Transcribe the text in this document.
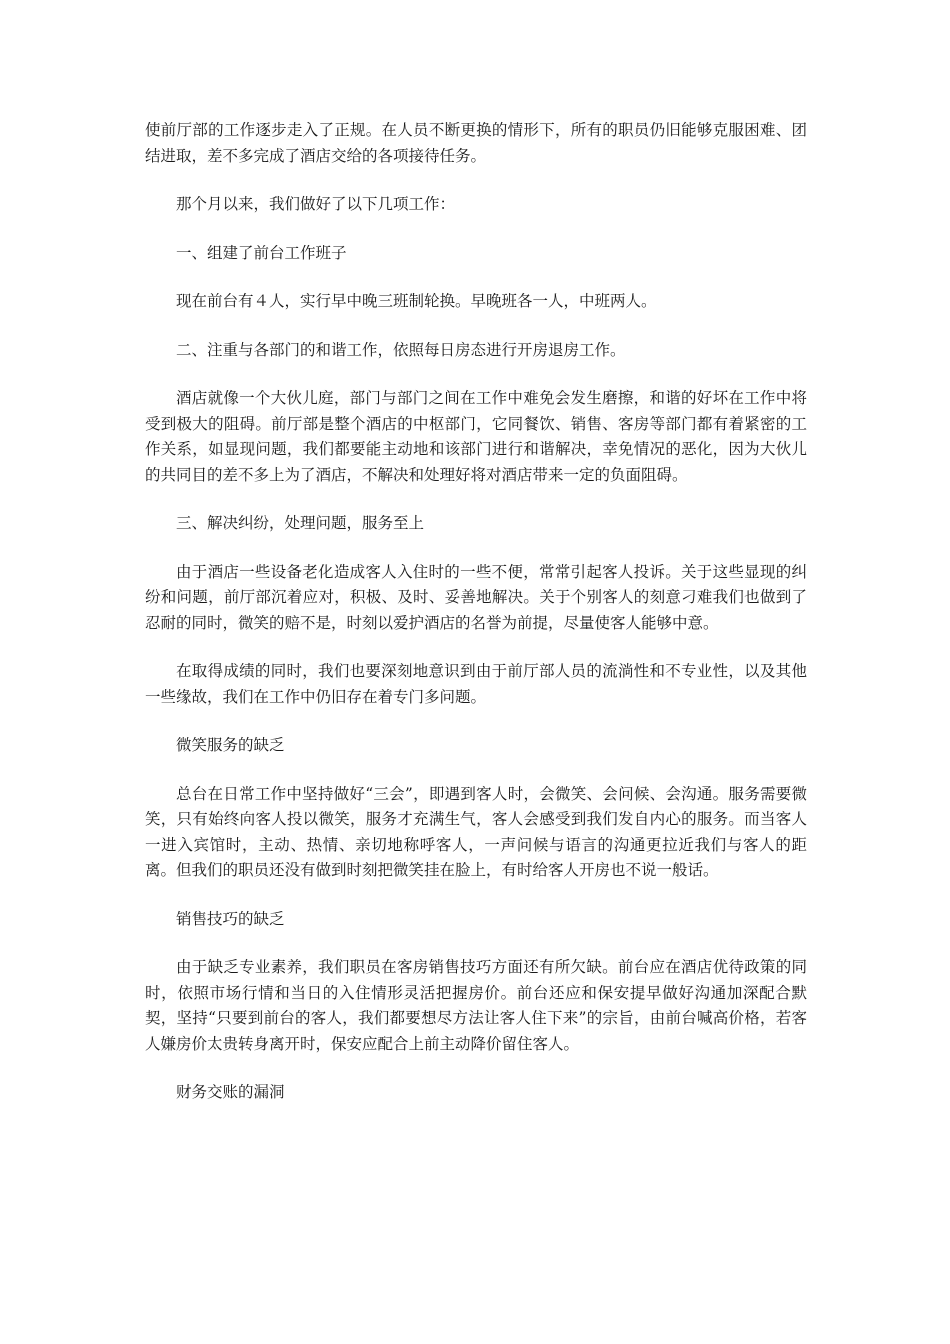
使前厅部的工作逐步走入了正规。在人员不断更换的情形下，所有的职员仍旧能够克服困难、团结进取，差不多完成了酒店交给的各项接待任务。

那个月以来，我们做好了以下几项工作：

一、组建了前台工作班子

现在前台有４人，实行早中晚三班制轮换。早晚班各一人，中班两人。

二、注重与各部门的和谐工作，依照每日房态进行开房退房工作。

酒店就像一个大伙儿庭，部门与部门之间在工作中难免会发生磨擦，和谐的好坏在工作中将受到极大的阻碍。前厅部是整个酒店的中枢部门，它同餐饮、销售、客房等部门都有着紧密的工作关系，如显现问题，我们都要能主动地和该部门进行和谐解决，幸免情况的恶化，因为大伙儿的共同目的差不多上为了酒店，不解决和处理好将对酒店带来一定的负面阻碍。

三、解决纠纷，处理问题，服务至上

由于酒店一些设备老化造成客人入住时的一些不便，常常引起客人投诉。关于这些显现的纠纷和问题，前厅部沉着应对，积极、及时、妥善地解决。关于个别客人的刻意刁难我们也做到了忍耐的同时，微笑的赔不是，时刻以爱护酒店的名誉为前提，尽量使客人能够中意。

在取得成绩的同时，我们也要深刻地意识到由于前厅部人员的流淌性和不专业性，以及其他一些缘故，我们在工作中仍旧存在着专门多问题。

微笑服务的缺乏

总台在日常工作中坚持做好“三会”，即遇到客人时，会微笑、会问候、会沟通。服务需要微笑，只有始终向客人投以微笑，服务才充满生气，客人会感受到我们发自内心的服务。而当客人一进入宾馆时，主动、热情、亲切地称呼客人，一声问候与语言的沟通更拉近我们与客人的距离。但我们的职员还没有做到时刻把微笑挂在脸上，有时给客人开房也不说一般话。

销售技巧的缺乏

由于缺乏专业素养，我们职员在客房销售技巧方面还有所欠缺。前台应在酒店优待政策的同时，依照市场行情和当日的入住情形灵活把握房价。前台还应和保安提早做好沟通加深配合默契，坚持“只要到前台的客人，我们都要想尽方法让客人住下来”的宗旨，由前台喊高价格，若客人嫌房价太贵转身离开时，保安应配合上前主动降价留住客人。

财务交账的漏洞
